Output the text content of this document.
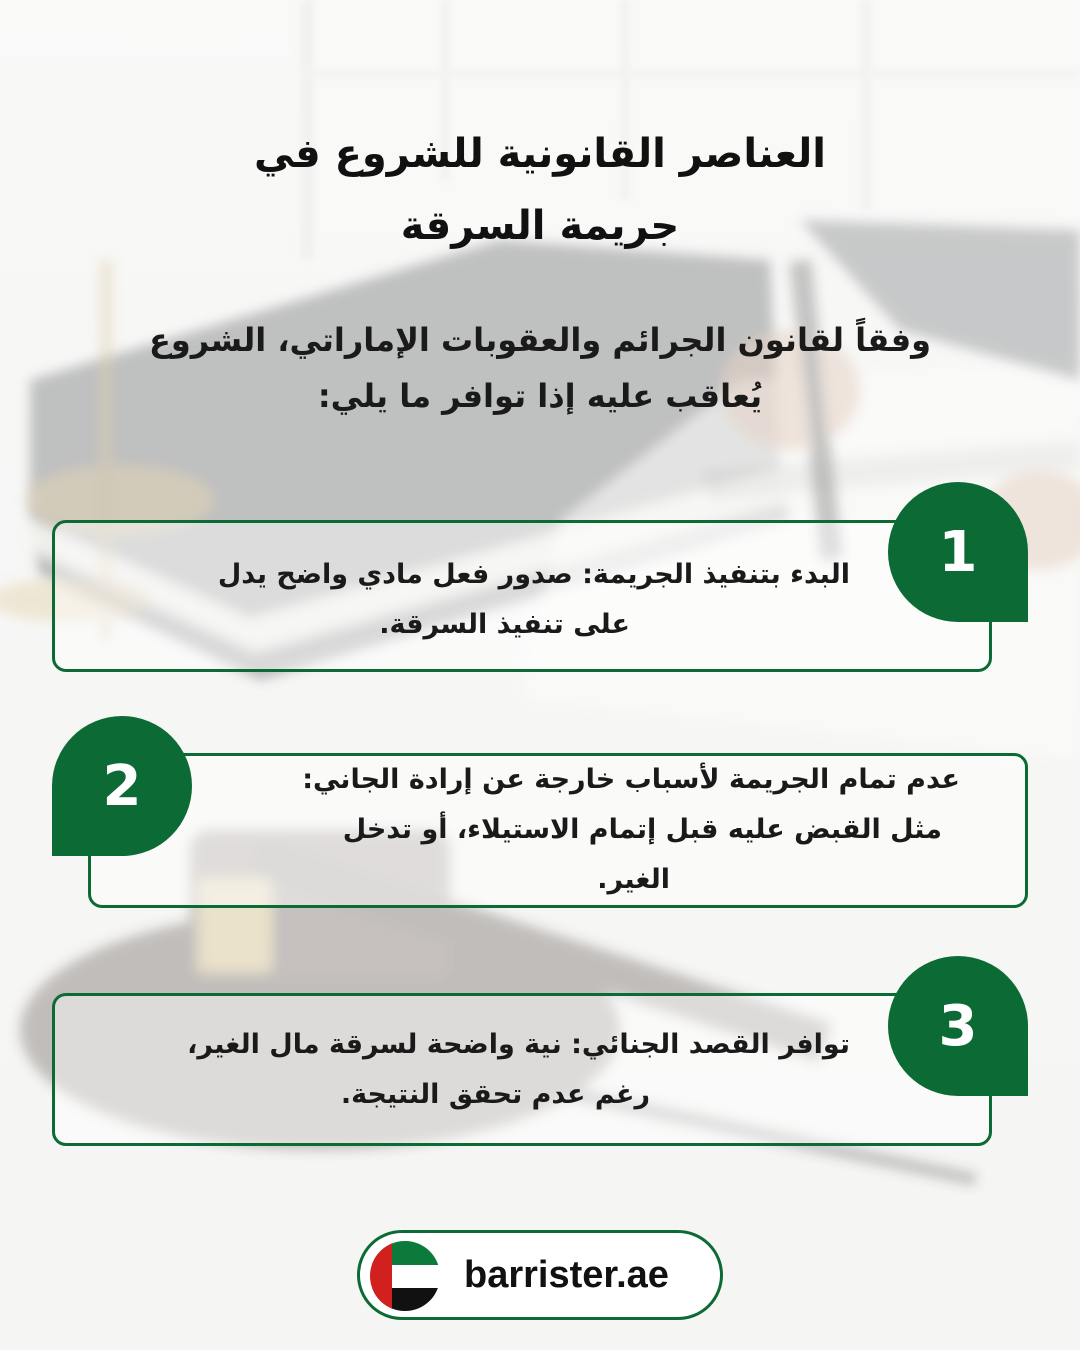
العناصر القانونية للشروع في
جريمة السرقة
وفقاً لقانون الجرائم والعقوبات الإماراتي، الشروع
يُعاقب عليه إذا توافر ما يلي:
البدء بتنفيذ الجريمة: صدور فعل مادي واضح يدل
على تنفيذ السرقة.
1
عدم تمام الجريمة لأسباب خارجة عن إرادة الجاني:
مثل القبض عليه قبل إتمام الاستيلاء، أو تدخل
الغير.
2
توافر القصد الجنائي: نية واضحة لسرقة مال الغير،
رغم عدم تحقق النتيجة.
3
barrister.ae
